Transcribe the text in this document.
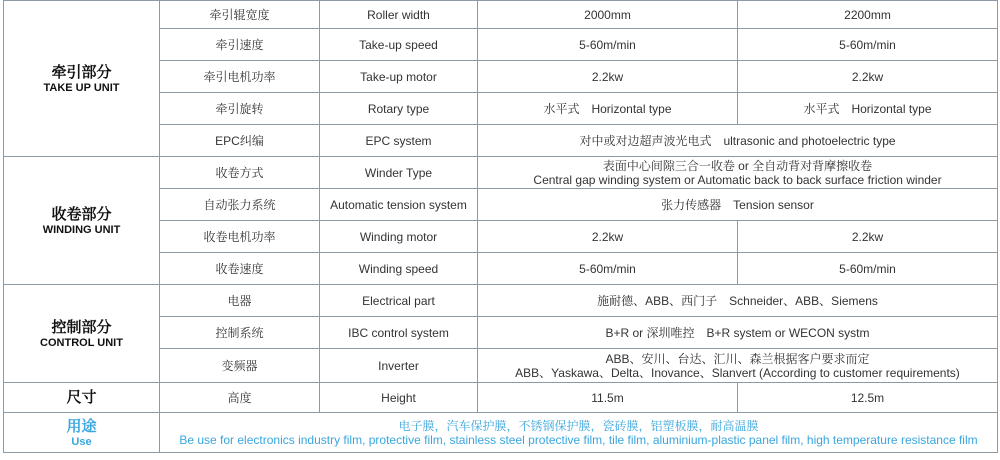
牵引部分
TAKE UP UNIT	牵引辊宽度	Roller width	2000mm	2200mm
	牵引速度	Take-up speed	5-60m/min	5-60m/min
	牵引电机功率	Take-up motor	2.2kw	2.2kw
	牵引旋转	Rotary type	水平式　Horizontal type	水平式　Horizontal type
	EPC纠编	EPC system	对中或对边超声波光电式　ultrasonic and photoelectric type	

收卷部分
WINDING UNIT	收卷方式	Winder Type	表面中心间隙三合一收卷 or 全自动背对背摩擦收卷
Central gap winding system or Automatic back to back surface friction winder	

	自动张力系统	Automatic tension system	张力传感器　Tension sensor	
	收卷电机功率	Winding motor	2.2kw	2.2kw
	收卷速度	Winding speed	5-60m/min	5-60m/min

控制部分
CONTROL UNIT	电器	Electrical part	施耐德、ABB、西门子　Schneider、ABB、Siemens	
	控制系统	IBC control system	B+R or 深圳唯控　B+R system or WECON systm	
	变频器	Inverter	ABB、安川、台达、汇川、森兰根据客户要求而定
ABB、Yaskawa、Delta、Inovance、Slanvert (According to customer requirements)	

尺寸	高度	Height	11.5m	12.5m

用途
Use	电子膜，汽车保护膜，不锈钢保护膜，瓷砖膜，铝塑板膜，耐高温膜
Be use for electronics industry film, protective film, stainless steel protective film, tile film, aluminium-plastic panel film, high temperature resistance film			
